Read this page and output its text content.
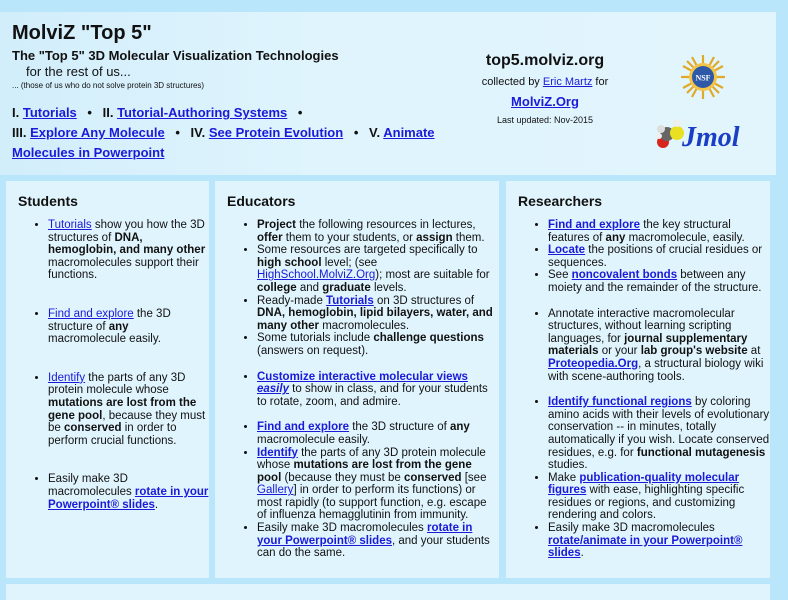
MolviZ "Top 5"
The "Top 5" 3D Molecular Visualization Technologies
for the rest of us...
... (those of us who do not solve protein 3D structures)
I. Tutorials • II. Tutorial-Authoring Systems •
III. Explore Any Molecule • IV. See Protein Evolution • V. Animate Molecules in Powerpoint
top5.molviz.org
collected by Eric Martz for
MolviZ.Org
Last updated: Nov-2015
NSF
Jmol
Students
• Tutorials show you how the 3D structures of DNA, hemoglobin, and many other macromolecules support their functions.
• Find and explore the 3D structure of any macromolecule easily.
• Identify the parts of any 3D protein molecule whose mutations are lost from the gene pool, because they must be conserved in order to perform crucial functions.
• Easily make 3D macromolecules rotate in your Powerpoint® slides.
Educators
• Project the following resources in lectures, offer them to your students, or assign them.
• Some resources are targeted specifically to high school level; (see HighSchool.MolviZ.Org); most are suitable for college and graduate levels.
• Ready-made Tutorials on 3D structures of DNA, hemoglobin, lipid bilayers, water, and many other macromolecules.
• Some tutorials include challenge questions (answers on request).
• Customize interactive molecular views easily to show in class, and for your students to rotate, zoom, and admire.
• Find and explore the 3D structure of any macromolecule easily.
• Identify the parts of any 3D protein molecule whose mutations are lost from the gene pool (because they must be conserved [see Gallery] in order to perform its functions) or most rapidly (to support function, e.g. escape of influenza hemagglutinin from immunity.
• Easily make 3D macromolecules rotate in your Powerpoint® slides, and your students can do the same.
Researchers
• Find and explore the key structural features of any macromolecule, easily.
• Locate the positions of crucial residues or sequences.
• See noncovalent bonds between any moiety and the remainder of the structure.
• Annotate interactive macromolecular structures, without learning scripting languages, for journal supplementary materials or your lab group's website at Proteopedia.Org, a structural biology wiki with scene-authoring tools.
• Identify functional regions by coloring amino acids with their levels of evolutionary conservation -- in minutes, totally automatically if you wish. Locate conserved residues, e.g. for functional mutagenesis studies.
• Make publication-quality molecular figures with ease, highlighting specific residues or regions, and customizing rendering and colors.
• Easily make 3D macromolecules rotate/animate in your Powerpoint® slides.
